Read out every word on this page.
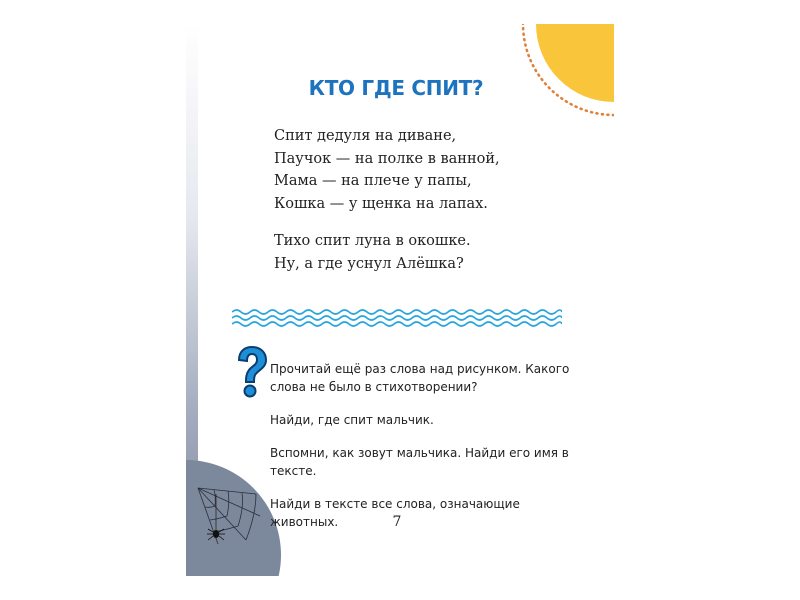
КТО ГДЕ СПИТ?
Спит дедуля на диване,
Паучок — на полке в ванной,
Мама — на плече у папы,
Кошка — у щенка на лапах.
Тихо спит луна в окошке.
Ну, а где уснул Алёшка?

Прочитай ещё раз слова над рисунком. Какого слова не было в стихотворении?

Найди, где спит мальчик.

Вспомни, как зовут мальчика. Найди его имя в тексте.

Найди в тексте все слова, означающие животных.	7
